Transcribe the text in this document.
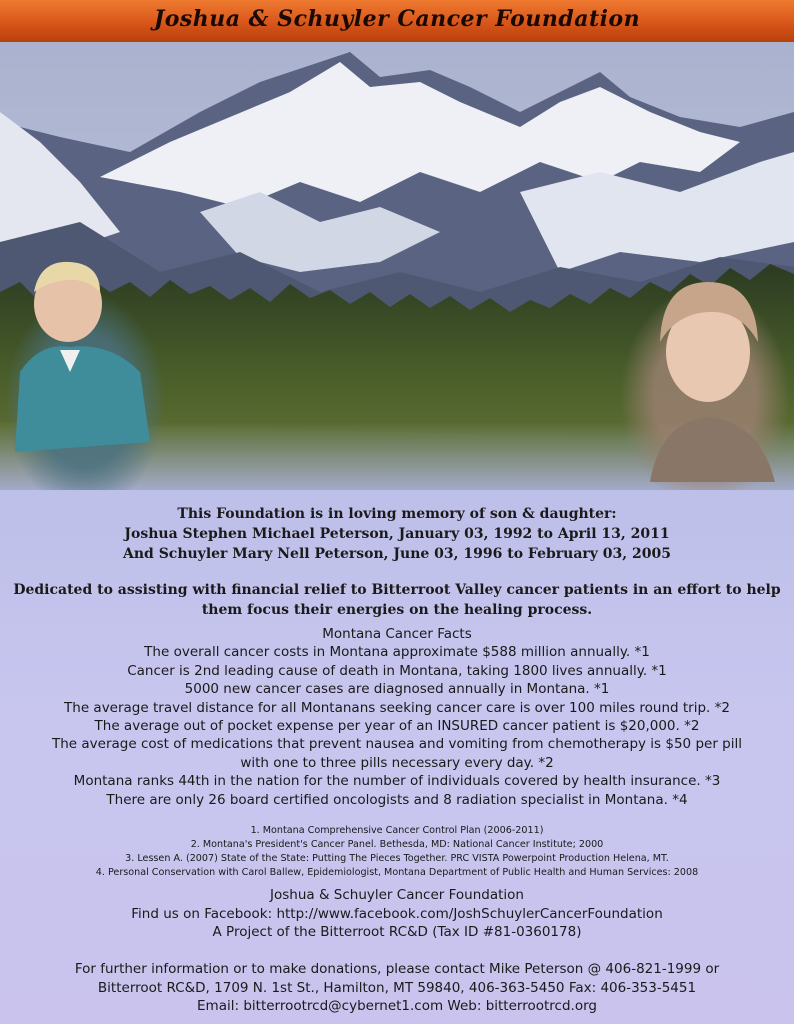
Joshua & Schuyler Cancer Foundation
This Foundation is in loving memory of son & daughter:
Joshua Stephen Michael Peterson, January 03, 1992 to April 13, 2011
And Schuyler Mary Nell Peterson, June 03, 1996 to February 03, 2005
Dedicated to assisting with financial relief to Bitterroot Valley cancer patients in an effort to help them focus their energies on the healing process.
Montana Cancer Facts
The overall cancer costs in Montana approximate $588 million annually. *1
Cancer is 2nd leading cause of death in Montana, taking 1800 lives annually. *1
5000 new cancer cases are diagnosed annually in Montana. *1
The average travel distance for all Montanans seeking cancer care is over 100 miles round trip. *2
The average out of pocket expense per year of an INSURED cancer patient is $20,000. *2
The average cost of medications that prevent nausea and vomiting from chemotherapy is $50 per pill
with one to three pills necessary every day. *2
Montana ranks 44th in the nation for the number of individuals covered by health insurance. *3
There are only 26 board certified oncologists and 8 radiation specialist in Montana. *4
1. Montana Comprehensive Cancer Control Plan (2006-2011)
2. Montana's President's Cancer Panel. Bethesda, MD: National Cancer Institute; 2000
3. Lessen A. (2007) State of the State: Putting The Pieces Together. PRC VISTA Powerpoint Production Helena, MT.
4. Personal Conservation with Carol Ballew, Epidemiologist, Montana Department of Public Health and Human Services: 2008
Joshua & Schuyler Cancer Foundation
Find us on Facebook: http://www.facebook.com/JoshSchuylerCancerFoundation
A Project of the Bitterroot RC&D (Tax ID #81-0360178)
For further information or to make donations, please contact Mike Peterson @ 406-821-1999 or
Bitterroot RC&D, 1709 N. 1st St., Hamilton, MT 59840, 406-363-5450 Fax: 406-353-5451
Email: bitterrootrcd@cybernet1.com Web: bitterrootrcd.org
